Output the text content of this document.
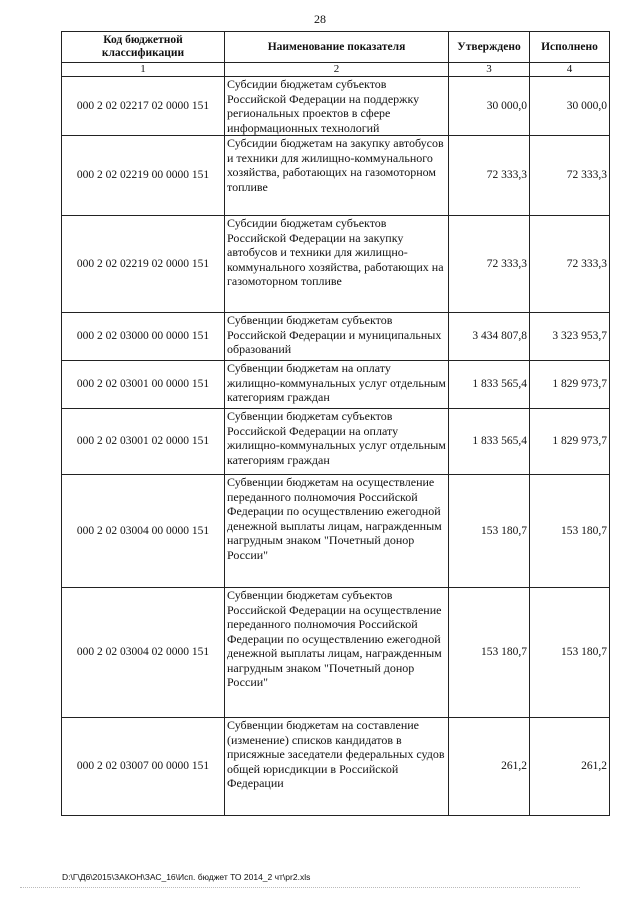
28
Код бюджетной классификации	Наименование показателя	Утверждено	Исполнено
1	2	3	4
000 2 02 02217 02 0000 151	Субсидии бюджетам субъектов Российской Федерации на поддержку региональных проектов в сфере информационных технологий	30 000,0	30 000,0
000 2 02 02219 00 0000 151	Субсидии бюджетам на закупку автобусов и техники для жилищно-коммунального хозяйства, работающих на газомоторном топливе	72 333,3	72 333,3
000 2 02 02219 02 0000 151	Субсидии бюджетам субъектов Российской Федерации на закупку автобусов и техники для жилищно-коммунального хозяйства, работающих на газомоторном топливе	72 333,3	72 333,3
000 2 02 03000 00 0000 151	Субвенции бюджетам субъектов Российской Федерации и муниципальных образований	3 434 807,8	3 323 953,7
000 2 02 03001 00 0000 151	Субвенции бюджетам на оплату жилищно-коммунальных услуг отдельным категориям граждан	1 833 565,4	1 829 973,7
000 2 02 03001 02 0000 151	Субвенции бюджетам субъектов Российской Федерации на оплату жилищно-коммунальных услуг отдельным категориям граждан	1 833 565,4	1 829 973,7
000 2 02 03004 00 0000 151	Субвенции бюджетам на осуществление переданного полномочия Российской Федерации по осуществлению ежегодной денежной выплаты лицам, награжденным нагрудным знаком "Почетный донор России"	153 180,7	153 180,7
000 2 02 03004 02 0000 151	Субвенции бюджетам субъектов Российской Федерации на осуществление переданного полномочия Российской Федерации по осуществлению ежегодной денежной выплаты лицам, награжденным нагрудным знаком "Почетный донор России"	153 180,7	153 180,7
000 2 02 03007 00 0000 151	Субвенции бюджетам на составление (изменение) списков кандидатов в присяжные заседатели федеральных судов общей юрисдикции в Российской Федерации	261,2	261,2
D:\Г\Д6\2015\ЗАКОН\ЗАС_16\Исп. бюджет ТО 2014_2 чт\pr2.xls
